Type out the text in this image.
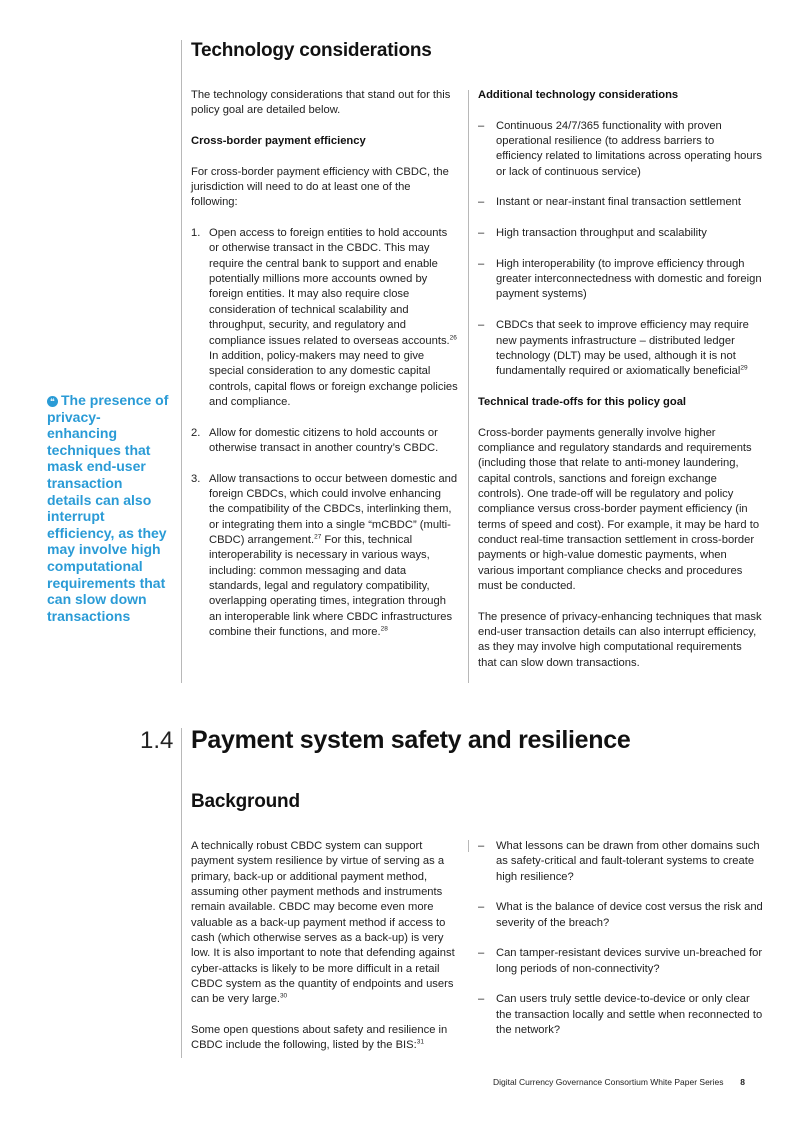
Technology considerations
❝ The presence of privacy-enhancing techniques that mask end-user transaction details can also interrupt efficiency, as they may involve high computational requirements that can slow down transactions
The technology considerations that stand out for this policy goal are detailed below.
Cross-border payment efficiency
For cross-border payment efficiency with CBDC, the jurisdiction will need to do at least one of the following:
1. Open access to foreign entities to hold accounts or otherwise transact in the CBDC. This may require the central bank to support and enable potentially millions more accounts owned by foreign entities. It may also require close consideration of technical scalability and throughput, security, and regulatory and compliance issues related to overseas accounts.$^{26}$ In addition, policy-makers may need to give special consideration to any domestic capital controls, capital flows or foreign exchange policies and compliance.
2. Allow for domestic citizens to hold accounts or otherwise transact in another country’s CBDC.
3. Allow transactions to occur between domestic and foreign CBDCs, which could involve enhancing the compatibility of the CBDCs, interlinking them, or integrating them into a single “mCBDC” (multi-CBDC) arrangement.$^{27}$ For this, technical interoperability is necessary in various ways, including: common messaging and data standards, legal and regulatory compatibility, overlapping operating times, integration through an interoperable link where CBDC infrastructures combine their functions, and more.$^{28}$
Additional technology considerations
– Continuous 24/7/365 functionality with proven operational resilience (to address barriers to efficiency related to limitations across operating hours or lack of continuous service)
– Instant or near-instant final transaction settlement
– High transaction throughput and scalability
– High interoperability (to improve efficiency through greater interconnectedness with domestic and foreign payment systems)
– CBDCs that seek to improve efficiency may require new payments infrastructure – distributed ledger technology (DLT) may be used, although it is not fundamentally required or axiomatically beneficial$^{29}$
Technical trade-offs for this policy goal
Cross-border payments generally involve higher compliance and regulatory standards and requirements (including those that relate to anti-money laundering, capital controls, sanctions and foreign exchange controls). One trade-off will be regulatory and policy compliance versus cross-border payment efficiency (in terms of speed and cost). For example, it may be hard to conduct real-time transaction settlement in cross-border payments or high-value domestic payments, when various important compliance checks and procedures must be conducted.
The presence of privacy-enhancing techniques that mask end-user transaction details can also interrupt efficiency, as they may involve high computational requirements that can slow down transactions.
1.4 Payment system safety and resilience
Background
A technically robust CBDC system can support payment system resilience by virtue of serving as a primary, back-up or additional payment method, assuming other payment methods and instruments remain available. CBDC may become even more valuable as a back-up payment method if access to cash (which otherwise serves as a back-up) is very low. It is also important to note that defending against cyber-attacks is likely to be more difficult in a retail CBDC system as the quantity of endpoints and users can be very large.$^{30}$
Some open questions about safety and resilience in CBDC include the following, listed by the BIS:$^{31}$
– What lessons can be drawn from other domains such as safety-critical and fault-tolerant systems to create high resilience?
– What is the balance of device cost versus the risk and severity of the breach?
– Can tamper-resistant devices survive un-breached for long periods of non-connectivity?
– Can users truly settle device-to-device or only clear the transaction locally and settle when reconnected to the network?
Digital Currency Governance Consortium White Paper Series 8
